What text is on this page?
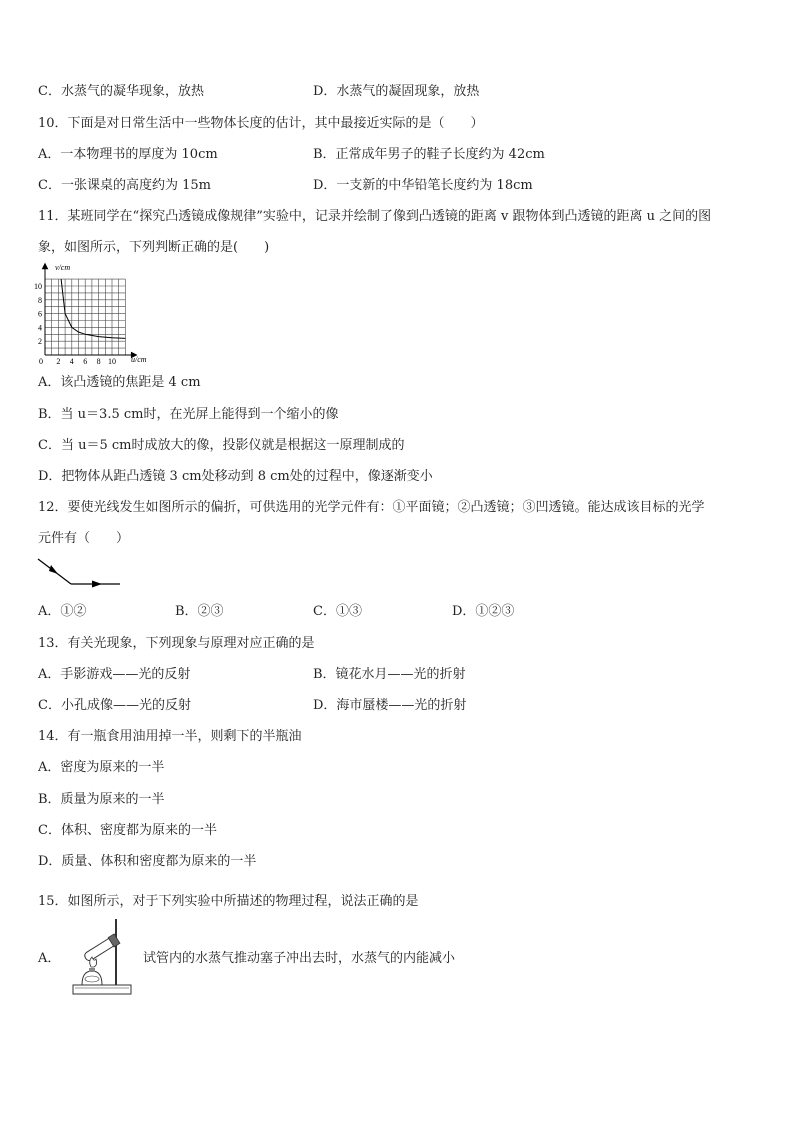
C．水蒸气的凝华现象，放热	D．水蒸气的凝固现象，放热
10．下面是对日常生活中一些物体长度的估计，其中最接近实际的是（　　）
A．一本物理书的厚度为 10cm	B．正常成年男子的鞋子长度约为 42cm
C．一张课桌的高度约为 15m	D．一支新的中华铅笔长度约为 18cm
11．某班同学在“探究凸透镜成像规律”实验中，记录并绘制了像到凸透镜的距离 v 跟物体到凸透镜的距离 u 之间的图
象，如图所示，下列判断正确的是(　　)
0 2 4 6 8 10
2
4
6
8
10
v/cm
u/cm
A．该凸透镜的焦距是 4 cm
B．当 u＝3.5 cm时，在光屏上能得到一个缩小的像
C．当 u＝5 cm时成放大的像，投影仪就是根据这一原理制成的
D．把物体从距凸透镜 3 cm处移动到 8 cm处的过程中，像逐渐变小
12．要使光线发生如图所示的偏折，可供选用的光学元件有：①平面镜；②凸透镜；③凹透镜。能达成该目标的光学
元件有（　　）
A．①②	B．②③	C．①③	D．①②③
13．有关光现象，下列现象与原理对应正确的是
A．手影游戏——光的反射	B．镜花水月——光的折射
C．小孔成像——光的反射	D．海市蜃楼——光的折射
14．有一瓶食用油用掉一半，则剩下的半瓶油
A．密度为原来的一半
B．质量为原来的一半
C．体积、密度都为原来的一半
D．质量、体积和密度都为原来的一半
15．如图所示，对于下列实验中所描述的物理过程，说法正确的是
A．	试管内的水蒸气推动塞子冲出去时，水蒸气的内能减小
